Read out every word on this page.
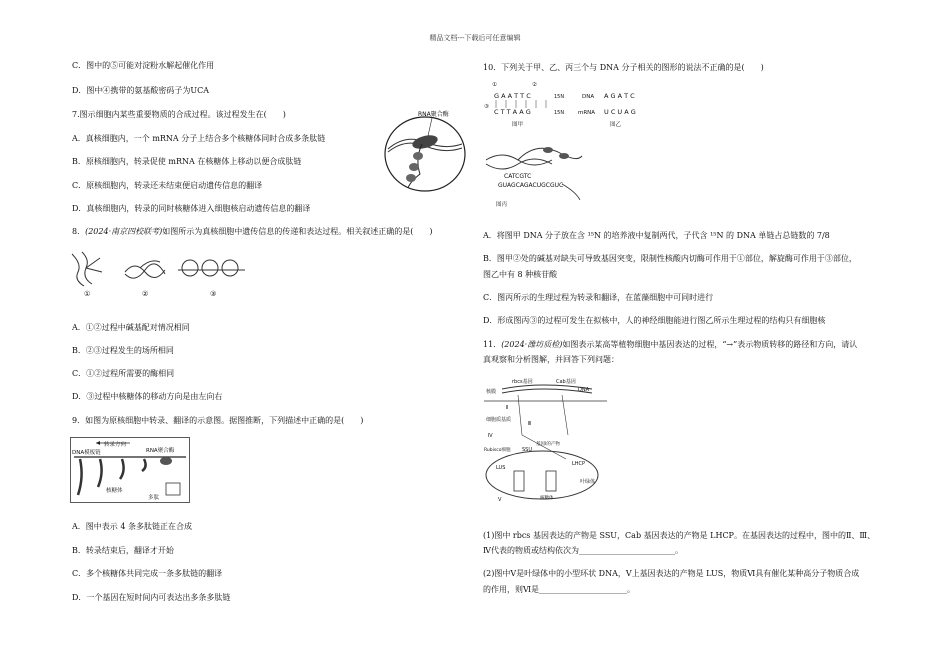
精品文档---下载后可任意编辑
C．图中的⑤可能对淀粉水解起催化作用
D．图中④携带的氨基酸密码子为UCA
7.图示细胞内某些重要物质的合成过程。该过程发生在(　　)
A．真核细胞内，一个 mRNA 分子上结合多个核糖体同时合成多条肽链
B．原核细胞内，转录促使 mRNA 在核糖体上移动以便合成肽链
C．原核细胞内，转录还未结束便启动遗传信息的翻译
D．真核细胞内，转录的同时核糖体进入细胞核启动遗传信息的翻译
RNA聚合酶
8．(2024·南京四校联考)如图所示为真核细胞中遗传信息的传递和表达过程。相关叙述正确的是(　　)
①	②	③
A．①②过程中碱基配对情况相同
B．②③过程发生的场所相同
C．①②过程所需要的酶相同
D．③过程中核糖体的移动方向是由左向右
9．如图为原核细胞中转录、翻译的示意图。据图推断，下列描述中正确的是(　　)
转录方向
DNA模板链	RNA聚合酶
核糖体
多肽
A．图中表示 4 条多肽链正在合成
B．转录结束后，翻译才开始
C．多个核糖体共同完成一条多肽链的翻译
D．一个基因在短时间内可表达出多条多肽链
10．下列关于甲、乙、丙三个与 DNA 分子相关的图形的说法不正确的是(　　)
①	②
③
G A A T T C
C T T A A G
15N
15N
图甲
DNA A G A T C
mRNA U C U A G
图乙
CATCGTC
GUAGCAGACUGCGUC
图丙
A．将图甲 DNA 分子放在含 ¹⁵N 的培养液中复制两代，子代含 ¹⁵N 的 DNA 单链占总链数的 7/8
B．图甲②处的碱基对缺失可导致基因突变，限制性核酸内切酶可作用于①部位，解旋酶可作用于③部位，
图乙中有 8 种核苷酸
C．图丙所示的生理过程为转录和翻译，在蓝藻细胞中可同时进行
D．形成图丙③的过程可发生在拟核中，人的神经细胞能进行图乙所示生理过程的结构只有细胞核
11．(2024·潍坊质检)如图表示某高等植物细胞中基因表达的过程，“→”表示物质转移的路径和方向，请认
真观察和分析图解，并回答下列问题：
rbcs基因	Cab基因
DNA
核膜
Ⅱ
Ⅲ
细胞质基质
Ⅳ
Rubisco细胞 SSU
基因Ⅰ的产物
LHCP
LUS
Ⅴ	核糖体
叶绿体
(1)图中 rbcs 基因表达的产物是 SSU，Cab 基因表达的产物是 LHCP。在基因表达的过程中，图中的Ⅱ、Ⅲ、
Ⅳ代表的物质或结构依次为________________________。
(2)图中Ⅴ是叶绿体中的小型环状 DNA，Ⅴ上基因表达的产物是 LUS，物质Ⅵ具有催化某种高分子物质合成
的作用，则Ⅵ是______________________。
